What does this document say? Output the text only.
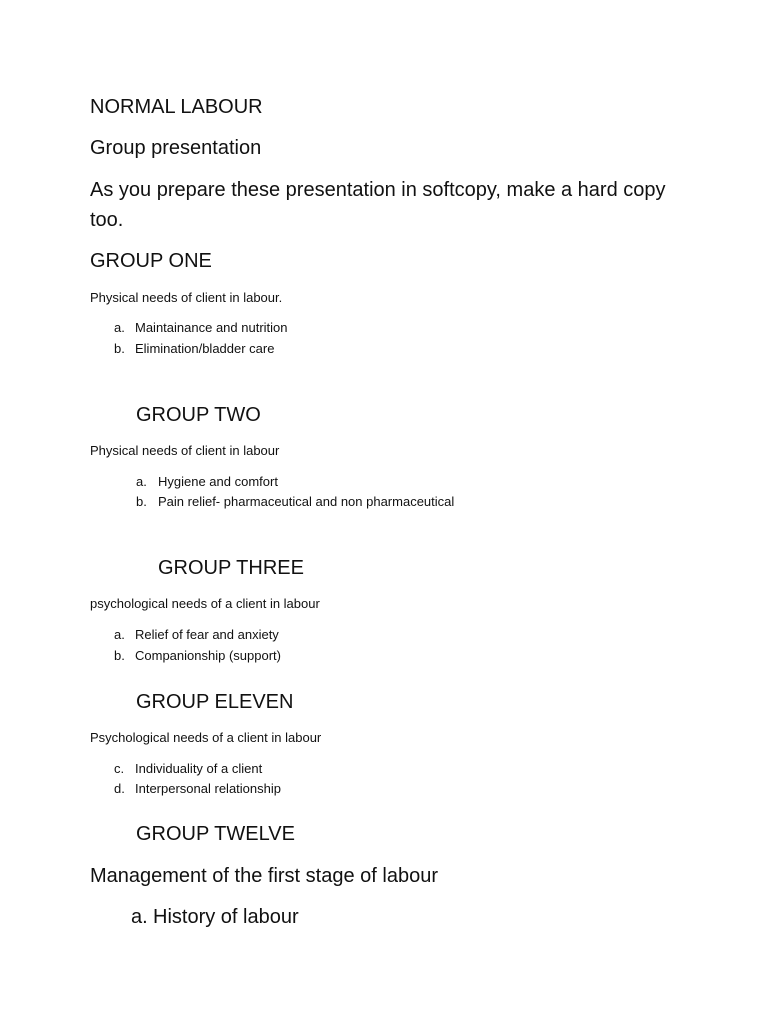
NORMAL LABOUR

Group presentation

As you prepare these presentation in softcopy, make a hard copy too.

GROUP ONE

Physical needs of client in labour.

a. Maintainance and nutrition
b. Elimination/bladder care

GROUP TWO

Physical needs of client in labour

a. Hygiene and comfort
b. Pain relief- pharmaceutical and non pharmaceutical

GROUP THREE

psychological needs of a client in labour

a. Relief of fear and anxiety
b. Companionship (support)

GROUP ELEVEN

Psychological needs of a client in labour

c. Individuality of a client
d. Interpersonal relationship

GROUP TWELVE

Management of the first stage of labour

a. History of labour
